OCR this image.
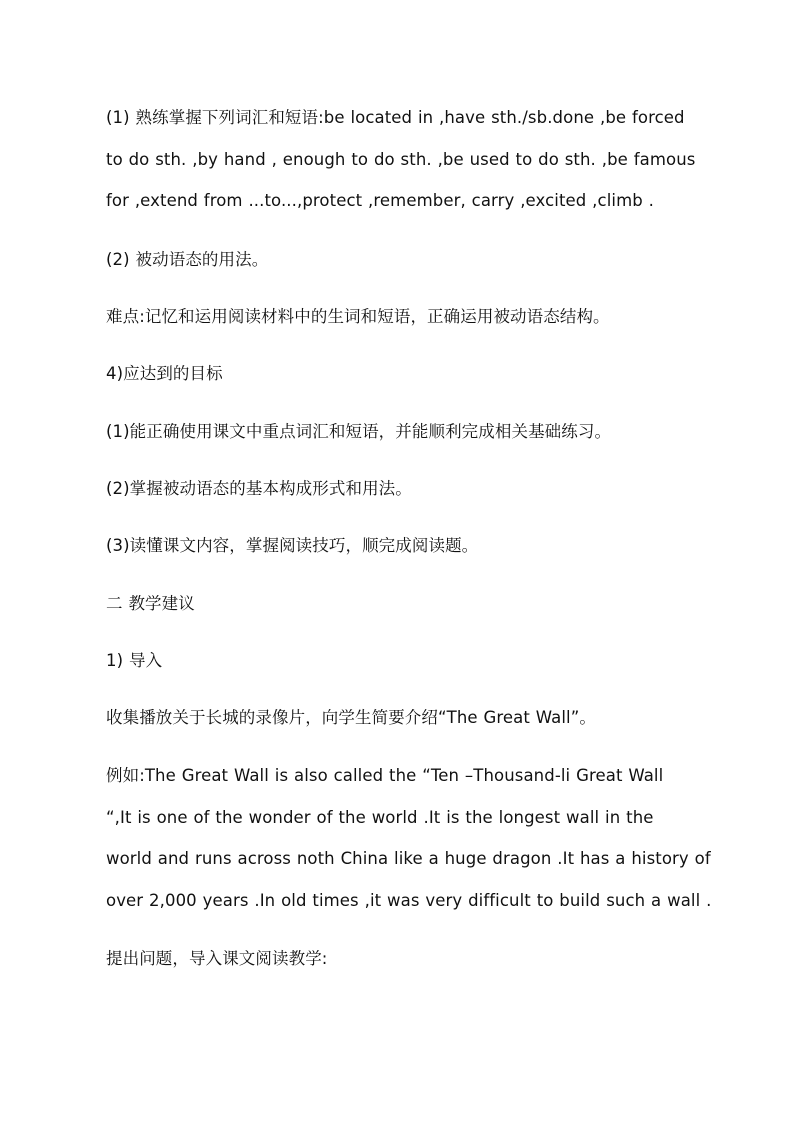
(1) 熟练掌握下列词汇和短语:be located in ,have sth./sb.done ,be forced
to do sth. ,by hand , enough to do sth. ,be used to do sth. ,be famous
for ,extend from ...to...,protect ,remember, carry ,excited ,climb .
(2) 被动语态的用法。
难点:记忆和运用阅读材料中的生词和短语，正确运用被动语态结构。
4)应达到的目标
(1)能正确使用课文中重点词汇和短语，并能顺利完成相关基础练习。
(2)掌握被动语态的基本构成形式和用法。
(3)读懂课文内容，掌握阅读技巧，顺完成阅读题。
二 教学建议
1) 导入
收集播放关于长城的录像片，向学生简要介绍“The Great Wall”。
例如:The Great Wall is also called the “Ten –Thousand-li Great Wall
“,It is one of the wonder of the world .It is the longest wall in the
world and runs across noth China like a huge dragon .It has a history of
over 2,000 years .In old times ,it was very difficult to build such a wall .
提出问题，导入课文阅读教学:
